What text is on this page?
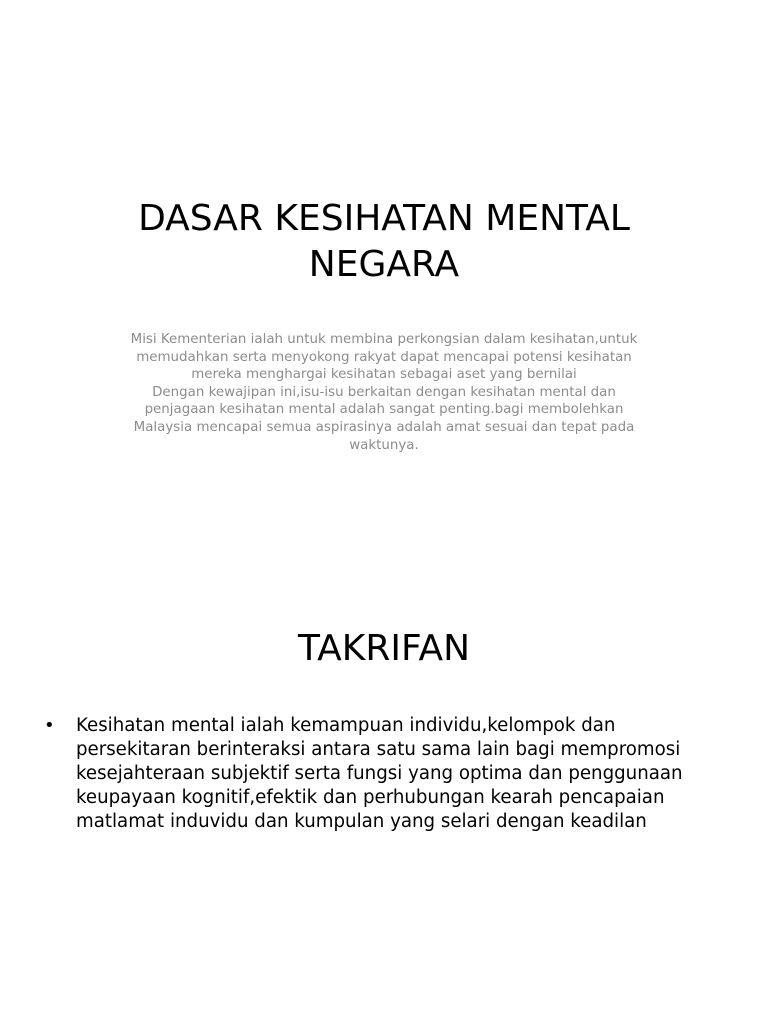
DASAR KESIHATAN MENTAL NEGARA

Misi Kementerian ialah untuk membina perkongsian dalam kesihatan,untuk memudahkan serta menyokong rakyat dapat mencapai potensi kesihatan mereka menghargai kesihatan sebagai aset yang bernilai

Dengan kewajipan ini,isu-isu berkaitan dengan kesihatan mental dan penjagaan kesihatan mental adalah sangat penting.bagi membolehkan Malaysia mencapai semua aspirasinya adalah amat sesuai dan tepat pada waktunya.

TAKRIFAN
• Kesihatan mental ialah kemampuan individu,kelompok dan persekitaran berinteraksi antara satu sama lain bagi mempromosi kesejahteraan subjektif serta fungsi yang optima dan penggunaan keupayaan kognitif,efektik dan perhubungan kearah pencapaian matlamat induvidu dan kumpulan yang selari dengan keadilan
